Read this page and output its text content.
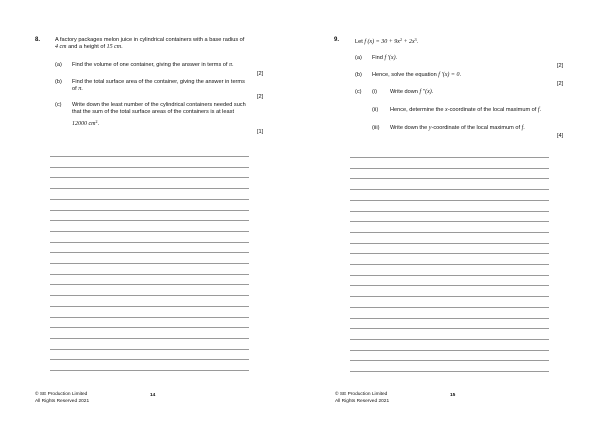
8.	A factory packages melon juice in cylindrical containers with a base radius of
4 cm and a height of 15 cm.
(a) Find the volume of one container, giving the answer in terms of π.
[2]
(b) Find the total surface area of the container, giving the answer in terms
of π.
[2]
(c) Write down the least number of the cylindrical containers needed such
that the sum of the total surface areas of the containers is at least
12000 $cm^2$.
[1]
© SE Production Limited
All Rights Reserved 2021
14
9.	Let f $(x) = 30 + 9x^2 + 2x^3$.
(a) Find f ′(x).
[2]
(b) Hence, solve the equation f ′(x) = 0.
[2]
(c) (i) Write down f ″(x).
(ii) Hence, determine the x-coordinate of the local maximum of f.
(iii) Write down the y-coordinate of the local maximum of f.
[4]
© SE Production Limited
All Rights Reserved 2021
15
